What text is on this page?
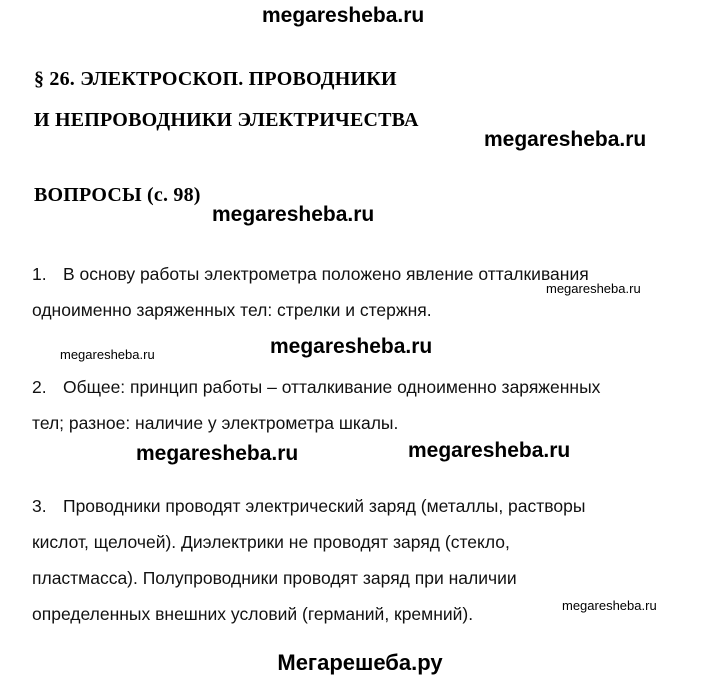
megaresheba.ru

§ 26. ЭЛЕКТРОСКОП. ПРОВОДНИКИ

И НЕПРОВОДНИКИ ЭЛЕКТРИЧЕСТВА

megaresheba.ru

ВОПРОСЫ (с. 98)

megaresheba.ru

1. В основу работы электрометра положено явление отталкивания
одноименно заряженных тел: стрелки и стержня.

megaresheba.ru

megaresheba.ru	megaresheba.ru

2. Общее: принцип работы – отталкивание одноименно заряженных
тел; разное: наличие у электрометра шкалы.

megaresheba.ru	megaresheba.ru

3. Проводники проводят электрический заряд (металлы, растворы
кислот, щелочей). Диэлектрики не проводят заряд (стекло,
пластмасса). Полупроводники проводят заряд при наличии
определенных внешних условий (германий, кремний).	megaresheba.ru

Мегарешеба.ру
